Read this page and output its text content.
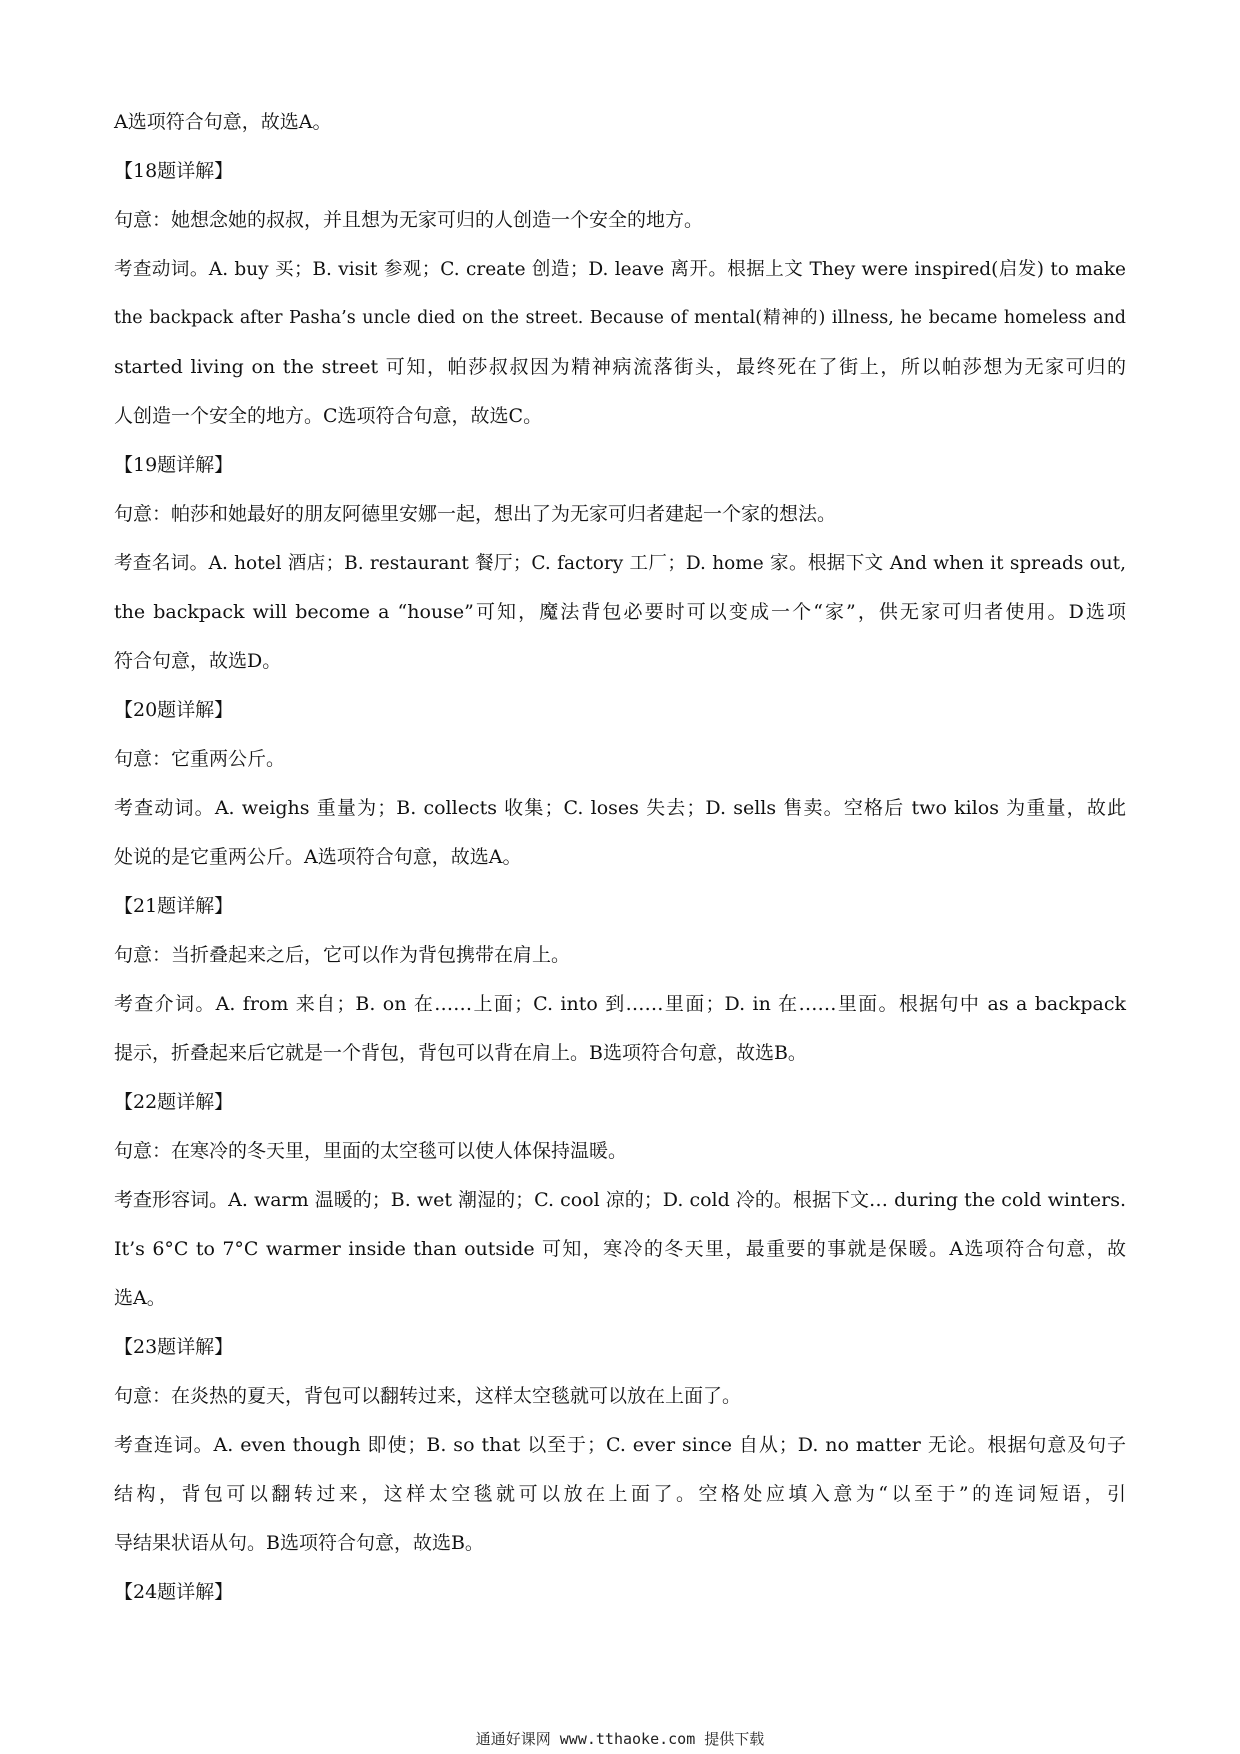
A选项符合句意，故选A。
【18题详解】
句意：她想念她的叔叔，并且想为无家可归的人创造一个安全的地方。
考查动词。A. buy 买；B. visit 参观；C. create 创造；D. leave 离开。根据上文 They were inspired(启发) to make
the backpack after Pasha’s uncle died on the street. Because of mental(精神的) illness, he became homeless and
started living on the street 可知，帕莎叔叔因为精神病流落街头，最终死在了街上，所以帕莎想为无家可归的
人创造一个安全的地方。C选项符合句意，故选C。
【19题详解】
句意：帕莎和她最好的朋友阿德里安娜一起，想出了为无家可归者建起一个家的想法。
考查名词。A. hotel 酒店；B. restaurant 餐厅；C. factory 工厂；D. home 家。根据下文 And when it spreads out,
the backpack will become a “house”可知，魔法背包必要时可以变成一个“家”，供无家可归者使用。D选项
符合句意，故选D。
【20题详解】
句意：它重两公斤。
考查动词。A. weighs 重量为；B. collects 收集；C. loses 失去；D. sells 售卖。空格后 two kilos 为重量，故此
处说的是它重两公斤。A选项符合句意，故选A。
【21题详解】
句意：当折叠起来之后，它可以作为背包携带在肩上。
考查介词。A. from 来自；B. on 在……上面；C. into 到……里面；D. in 在……里面。根据句中 as a backpack
提示，折叠起来后它就是一个背包，背包可以背在肩上。B选项符合句意，故选B。
【22题详解】
句意：在寒冷的冬天里，里面的太空毯可以使人体保持温暖。
考查形容词。A. warm 温暖的；B. wet 潮湿的；C. cool 凉的；D. cold 冷的。根据下文… during the cold winters.
It’s 6°C to 7°C warmer inside than outside 可知，寒冷的冬天里，最重要的事就是保暖。A选项符合句意，故
选A。
【23题详解】
句意：在炎热的夏天，背包可以翻转过来，这样太空毯就可以放在上面了。
考查连词。A. even though 即使；B. so that 以至于；C. ever since 自从；D. no matter 无论。根据句意及句子
结构，背包可以翻转过来，这样太空毯就可以放在上面了。空格处应填入意为“以至于”的连词短语，引
导结果状语从句。B选项符合句意，故选B。
【24题详解】
通通好课网 www.tthaoke.com 提供下载
